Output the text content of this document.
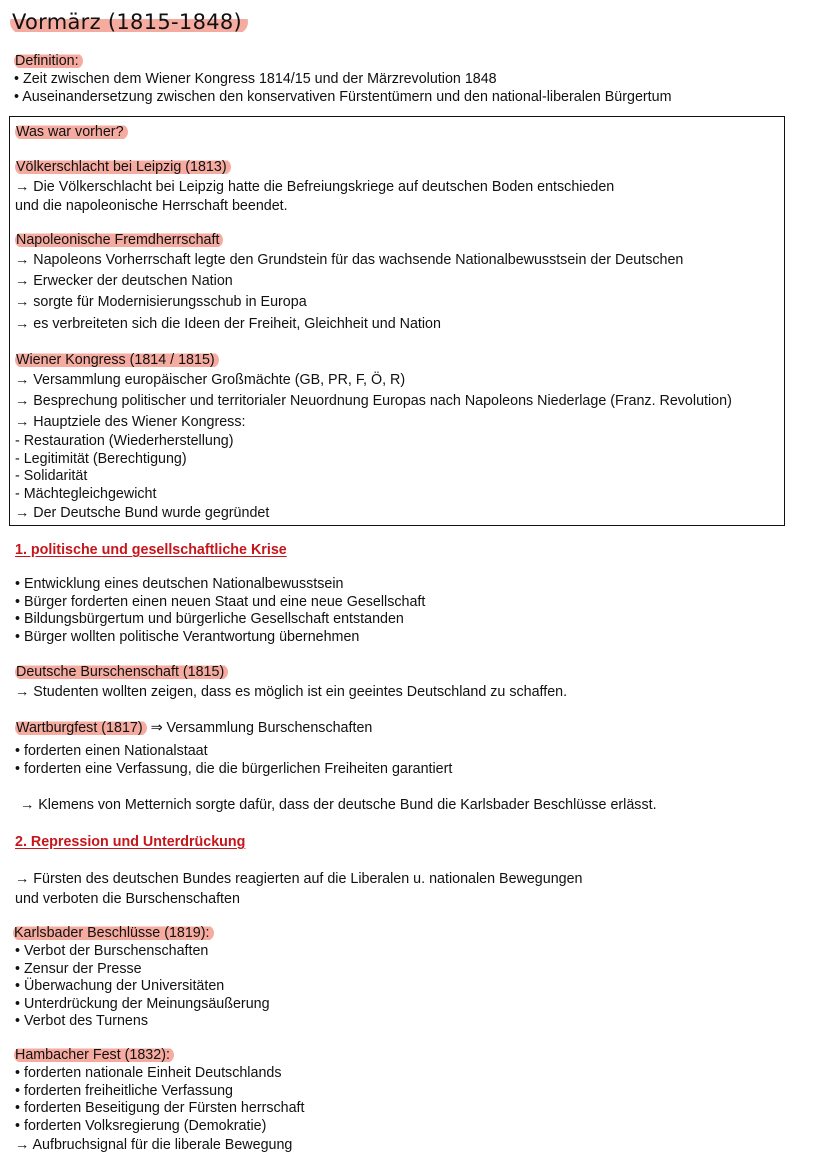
Vormärz (1815-1848)
Definition:
• Zeit zwischen dem Wiener Kongress 1814/15 und der Märzrevolution 1848
• Auseinandersetzung zwischen den konservativen Fürstentümern und den national-liberalen Bürgertum
Was war vorher?
Völkerschlacht bei Leipzig (1813)
→ Die Völkerschlacht bei Leipzig hatte die Befreiungskriege auf deutschen Boden entschieden
und die napoleonische Herrschaft beendet.
Napoleonische Fremdherrschaft
→ Napoleons Vorherrschaft legte den Grundstein für das wachsende Nationalbewusstsein der Deutschen
→ Erwecker der deutschen Nation
→ sorgte für Modernisierungsschub in Europa
→ es verbreiteten sich die Ideen der Freiheit, Gleichheit und Nation
Wiener Kongress (1814 / 1815)
→ Versammlung europäischer Großmächte (GB, PR, F, Ö, R)
→ Besprechung politischer und territorialer Neuordnung Europas nach Napoleons Niederlage (Franz. Revolution)
→ Hauptziele des Wiener Kongress:
- Restauration (Wiederherstellung)
- Legitimität (Berechtigung)
- Solidarität
- Mächtegleichgewicht
→ Der Deutsche Bund wurde gegründet
1. politische und gesellschaftliche Krise
• Entwicklung eines deutschen Nationalbewusstsein
• Bürger forderten einen neuen Staat und eine neue Gesellschaft
• Bildungsbürgertum und bürgerliche Gesellschaft entstanden
• Bürger wollten politische Verantwortung übernehmen
Deutsche Burschenschaft (1815)
→ Studenten wollten zeigen, dass es möglich ist ein geeintes Deutschland zu schaffen.
Wartburgfest (1817) ⇒ Versammlung Burschenschaften
• forderten einen Nationalstaat
• forderten eine Verfassung, die die bürgerlichen Freiheiten garantiert
→ Klemens von Metternich sorgte dafür, dass der deutsche Bund die Karlsbader Beschlüsse erlässt.
2. Repression und Unterdrückung
→ Fürsten des deutschen Bundes reagierten auf die Liberalen u. nationalen Bewegungen
und verboten die Burschenschaften
Karlsbader Beschlüsse (1819):
• Verbot der Burschenschaften
• Zensur der Presse
• Überwachung der Universitäten
• Unterdrückung der Meinungsäußerung
• Verbot des Turnens
Hambacher Fest (1832):
• forderten nationale Einheit Deutschlands
• forderten freiheitliche Verfassung
• forderten Beseitigung der Fürsten herrschaft
• forderten Volksregierung (Demokratie)
→ Aufbruchsignal für die liberale Bewegung
